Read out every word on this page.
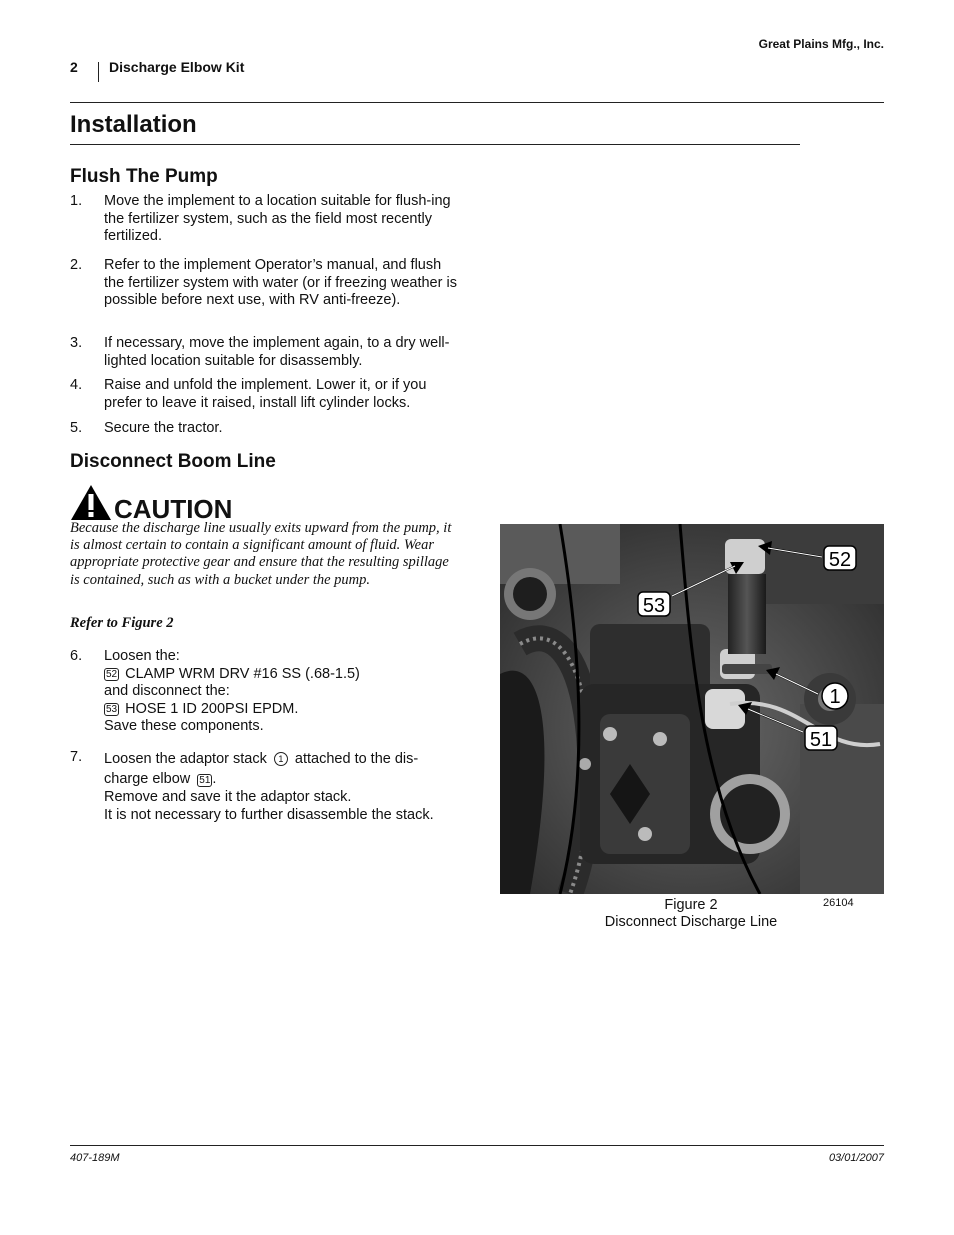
Great Plains Mfg., Inc.
2 Discharge Elbow Kit
Installation
Flush The Pump
1. Move the implement to a location suitable for flush-ing the fertilizer system, such as the field most recently fertilized.
2. Refer to the implement Operator’s manual, and flush the fertilizer system with water (or if freezing weather is possible before next use, with RV anti-freeze).
3. If necessary, move the implement again, to a dry well-lighted location suitable for disassembly.
4. Raise and unfold the implement. Lower it, or if you prefer to leave it raised, install lift cylinder locks.
5. Secure the tractor.
Disconnect Boom Line
CAUTION
Because the discharge line usually exits upward from the pump, it is almost certain to contain a significant amount of fluid. Wear appropriate protective gear and ensure that the resulting spillage is contained, such as with a bucket under the pump.
Refer to Figure 2
6. Loosen the:
52 CLAMP WRM DRV #16 SS (.68-1.5)
and disconnect the:
53 HOSE 1 ID 200PSI EPDM.
Save these components.
7. Loosen the adaptor stack 1 attached to the dis-charge elbow 51 .
Remove and save it the adaptor stack.
It is not necessary to further disassemble the stack.
52
53
1
51
Figure 2
Disconnect Discharge Line
26104
407-189M	03/01/2007
